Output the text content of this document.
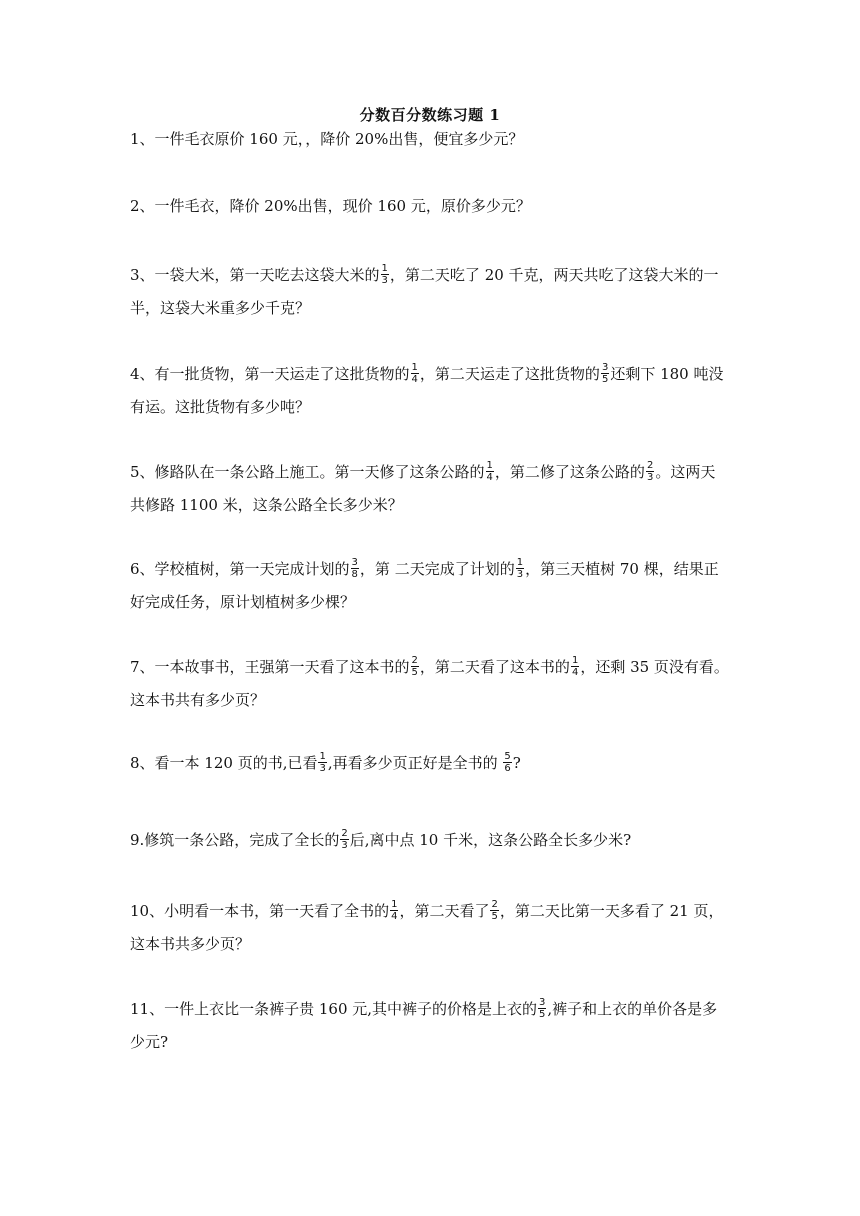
分数百分数练习题 1
1、一件毛衣原价 160 元，，降价 20%出售，便宜多少元？
2、一件毛衣，降价 20%出售，现价 160 元，原价多少元？
3、一袋大米，第一天吃去这袋大米的 $\frac{1}{3}$ ，第二天吃了 20 千克，两天共吃了这袋大米的一半，这袋大米重多少千克？
4、有一批货物，第一天运走了这批货物的 $\frac{1}{4}$ ，第二天运走了这批货物的 $\frac{3}{5}$ 还剩下 180 吨没有运。这批货物有多少吨？
5、修路队在一条公路上施工。第一天修了这条公路的 $\frac{1}{4}$ ，第二修了这条公路的 $\frac{2}{3}$ 。这两天共修路 1100 米，这条公路全长多少米？
6、学校植树，第一天完成计划的 $\frac{3}{8}$ ，第 二天完成了计划的 $\frac{1}{3}$ ，第三天植树 70 棵，结果正好完成任务，原计划植树多少棵？
7、一本故事书，王强第一天看了这本书的 $\frac{2}{5}$ ，第二天看了这本书的 $\frac{1}{4}$ ，还剩 35 页没有看。这本书共有多少页？
8、看一本 120 页的书,已看 $\frac{1}{3}$ ,再看多少页正好是全书的 $\frac{5}{6}$ ?
9.修筑一条公路，完成了全长的 $\frac{2}{3}$ 后,离中点 10 千米，这条公路全长多少米?
10、小明看一本书，第一天看了全书的 $\frac{1}{4}$ ，第二天看了 $\frac{2}{5}$ ，第二天比第一天多看了 21 页，这本书共多少页？
11、一件上衣比一条裤子贵 160 元,其中裤子的价格是上衣的 $\frac{3}{5}$ ,裤子和上衣的单价各是多少元?
